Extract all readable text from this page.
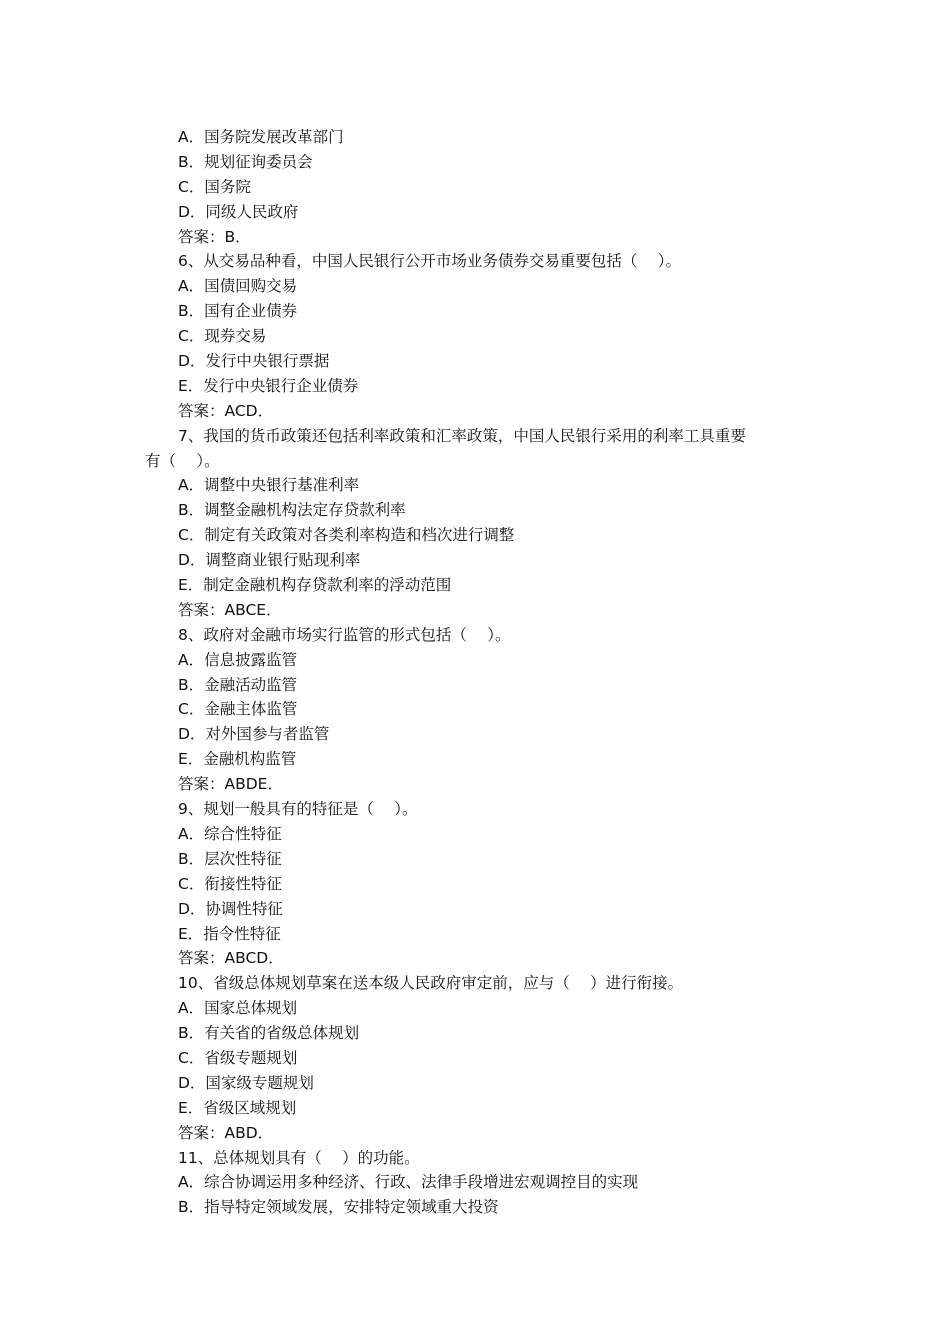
A．国务院发展改革部门
B．规划征询委员会
C．国务院
D．同级人民政府
答案：B．
6、从交易品种看，中国人民银行公开市场业务债券交易重要包括（　 ）。
A．国债回购交易
B．国有企业债券
C．现券交易
D．发行中央银行票据
E．发行中央银行企业债券
答案：ACD．
7、我国的货币政策还包括利率政策和汇率政策，中国人民银行采用的利率工具重要
有（　 ）。
A．调整中央银行基准利率
B．调整金融机构法定存贷款利率
C．制定有关政策对各类利率构造和档次进行调整
D．调整商业银行贴现利率
E．制定金融机构存贷款利率的浮动范围
答案：ABCE．
8、政府对金融市场实行监管的形式包括（　 ）。
A．信息披露监管
B．金融活动监管
C．金融主体监管
D．对外国参与者监管
E．金融机构监管
答案：ABDE．
9、规划一般具有的特征是（　 ）。
A．综合性特征
B．层次性特征
C．衔接性特征
D．协调性特征
E．指令性特征
答案：ABCD．
10、省级总体规划草案在送本级人民政府审定前，应与（　 ）进行衔接。
A．国家总体规划
B．有关省的省级总体规划
C．省级专题规划
D．国家级专题规划
E．省级区域规划
答案：ABD．
11、总体规划具有（　 ）的功能。
A．综合协调运用多种经济、行政、法律手段增进宏观调控目的实现
B．指导特定领域发展，安排特定领域重大投资
